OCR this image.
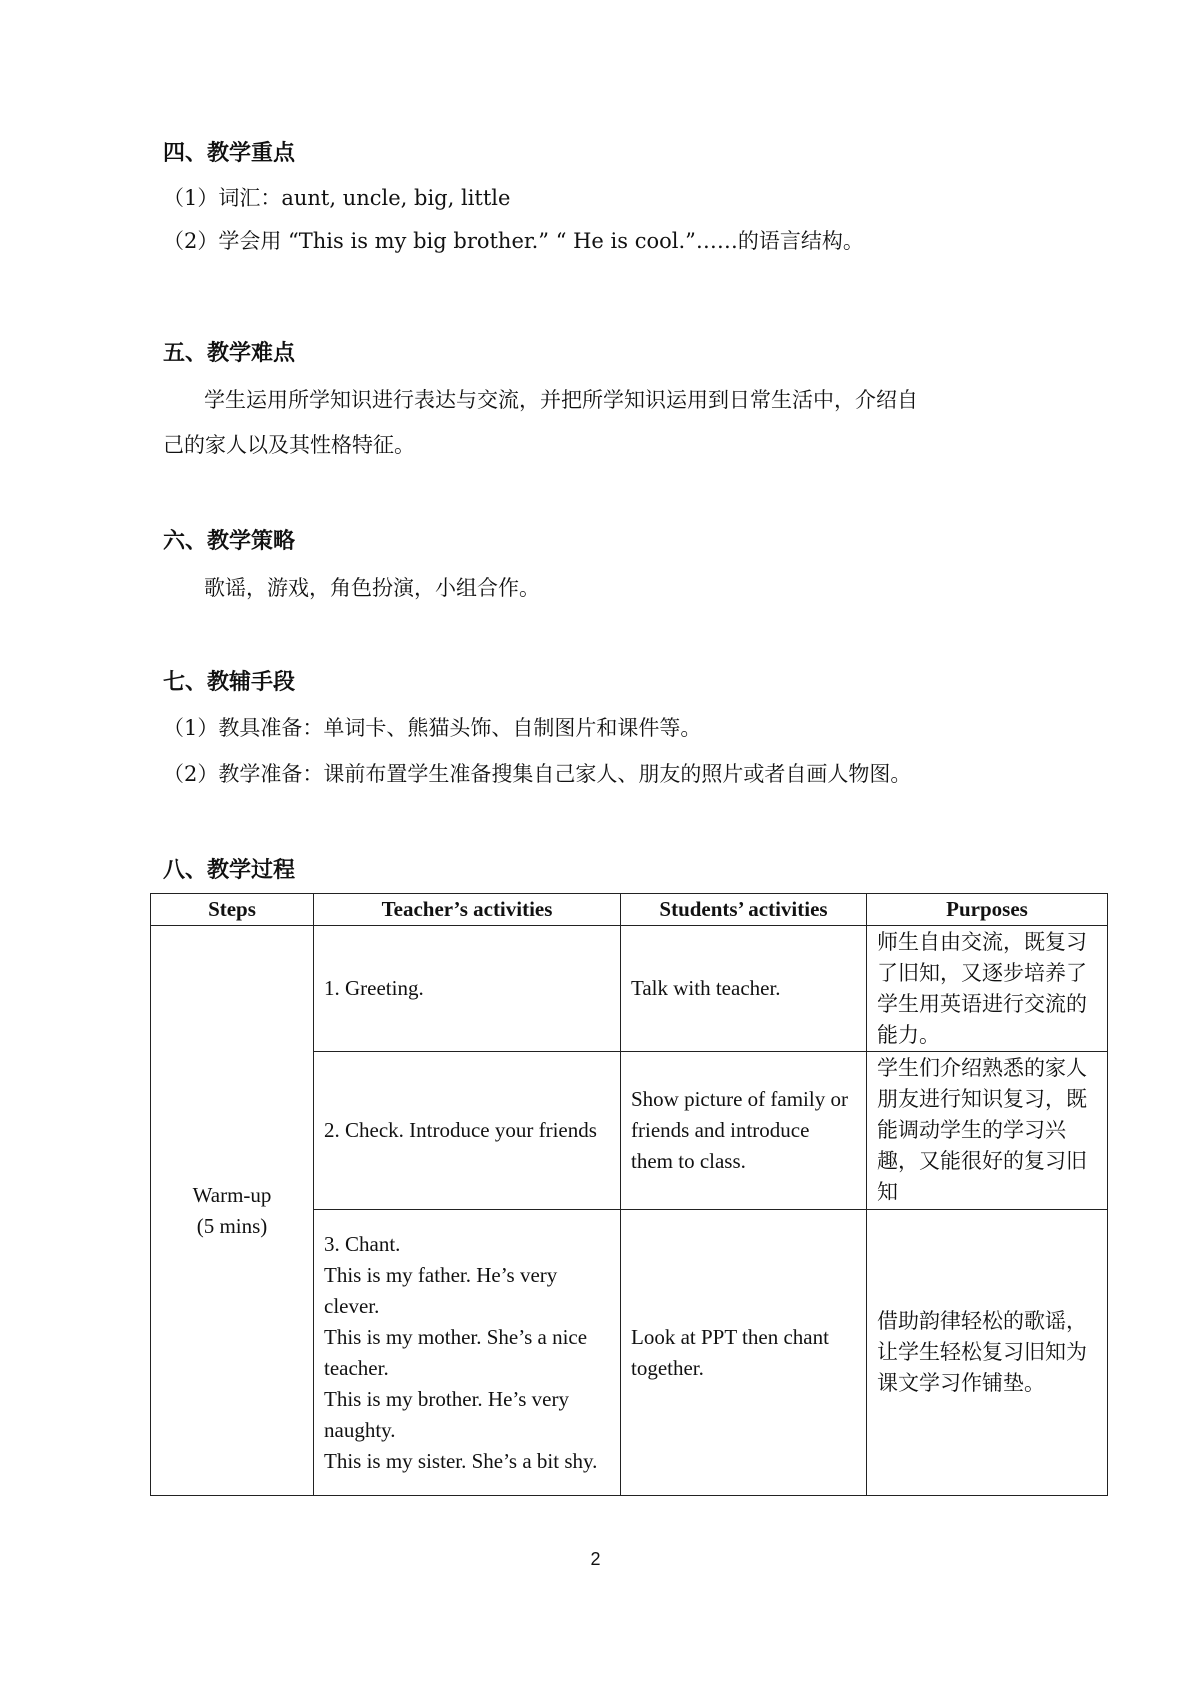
四、教学重点
（1）词汇：aunt, uncle, big, little
（2）学会用 “This is my big brother.” “ He is cool.”……的语言结构。
五、教学难点
学生运用所学知识进行表达与交流，并把所学知识运用到日常生活中，介绍自
己的家人以及其性格特征。
六、教学策略
歌谣，游戏，角色扮演，小组合作。
七、教辅手段
（1）教具准备：单词卡、熊猫头饰、自制图片和课件等。
（2）教学准备：课前布置学生准备搜集自己家人、朋友的照片或者自画人物图。
八、教学过程
Steps	Teacher’s activities	Students’ activities	Purposes

Warm-up
(5 mins)	1. Greeting.	Talk with teacher.	师生自由交流，既复习了旧知，又逐步培养了学生用英语进行交流的能力。
	2. Check. Introduce your friends	Show picture of family or friends and introduce them to class.	学生们介绍熟悉的家人朋友进行知识复习，既能调动学生的学习兴趣，又能很好的复习旧知

	3. Chant.
This is my father. He’s very clever.
This is my mother. She’s a nice teacher.
This is my brother. He’s very naughty.
This is my sister. She’s a bit shy.	Look at PPT then chant together.	借助韵律轻松的歌谣，让学生轻松复习旧知为课文学习作铺垫。
2
